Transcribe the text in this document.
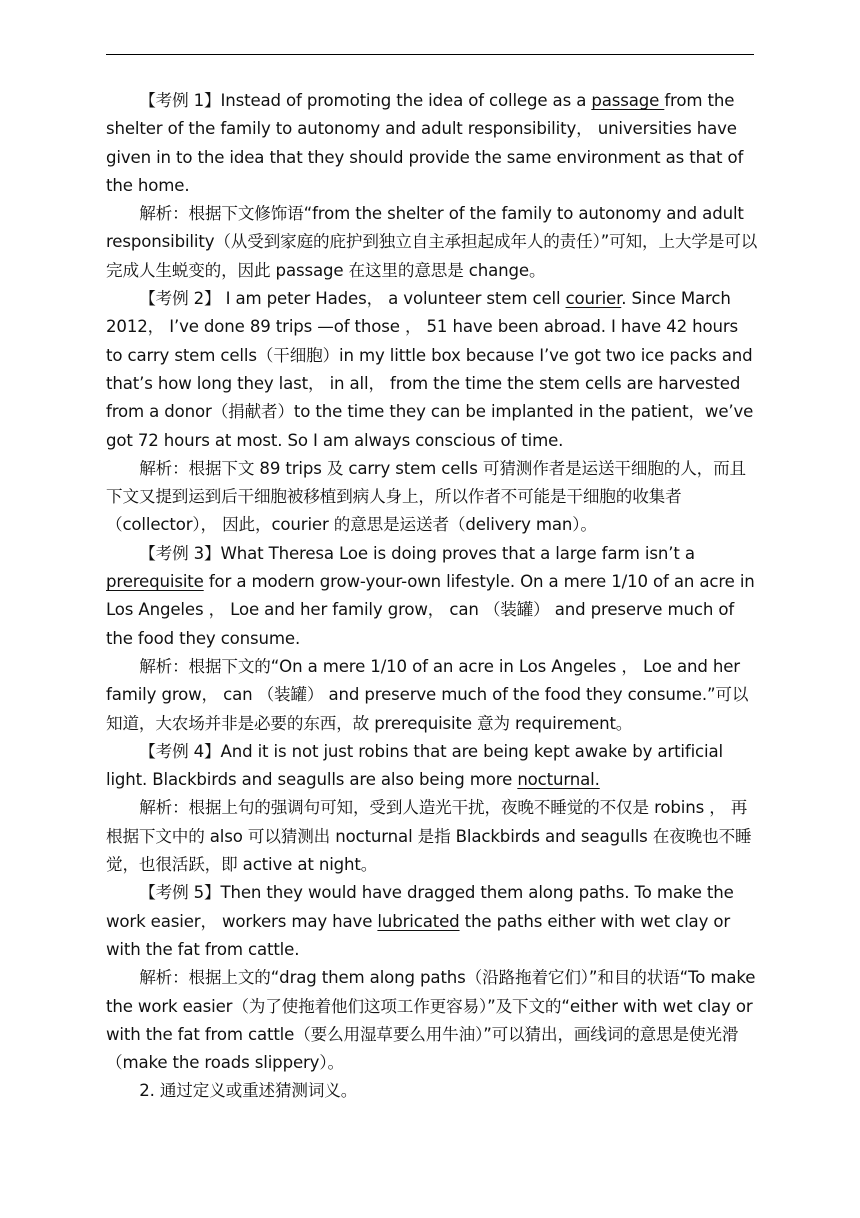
【考例 1】Instead of promoting the idea of college as a passage from the shelter of the family to autonomy and adult responsibility， universities have given in to the idea that they should provide the same environment as that of the home.

解析：根据下文修饰语“from the shelter of the family to autonomy and adult responsibility（从受到家庭的庇护到独立自主承担起成年人的责任）”可知，上大学是可以完成人生蜕变的，因此 passage 在这里的意思是 change。

【考例 2】 I am peter Hades， a volunteer stem cell courier. Since March 2012， I’ve done 89 trips —of those ， 51 have been abroad. I have 42 hours to carry stem cells（干细胞）in my little box because I’ve got two ice packs and that’s how long they last， in all， from the time the stem cells are harvested from a donor（捐献者）to the time they can be implanted in the patient，we’ve got 72 hours at most. So I am always conscious of time.

解析：根据下文 89 trips 及 carry stem cells 可猜测作者是运送干细胞的人，而且下文又提到运到后干细胞被移植到病人身上，所以作者不可能是干细胞的收集者（collector）， 因此，courier 的意思是运送者（delivery man）。

【考例 3】What Theresa Loe is doing proves that a large farm isn’t a prerequisite for a modern grow-your-own lifestyle. On a mere 1/10 of an acre in Los Angeles ， Loe and her family grow， can （装罐） and preserve much of the food they consume.

解析：根据下文的“On a mere 1/10 of an acre in Los Angeles ， Loe and her family grow， can （装罐） and preserve much of the food they consume.”可以知道，大农场并非是必要的东西，故 prerequisite 意为 requirement。

【考例 4】And it is not just robins that are being kept awake by artificial light. Blackbirds and seagulls are also being more nocturnal.

解析：根据上句的强调句可知，受到人造光干扰，夜晚不睡觉的不仅是 robins ， 再根据下文中的 also 可以猜测出 nocturnal 是指 Blackbirds and seagulls 在夜晚也不睡觉，也很活跃，即 active at night。

【考例 5】Then they would have dragged them along paths. To make the work easier， workers may have lubricated the paths either with wet clay or with the fat from cattle.

解析：根据上文的“drag them along paths（沿路拖着它们）”和目的状语“To make the work easier（为了使拖着他们这项工作更容易）”及下文的“either with wet clay or with the fat from cattle（要么用湿草要么用牛油）”可以猜出，画线词的意思是使光滑（make the roads slippery）。

2. 通过定义或重述猜测词义。
